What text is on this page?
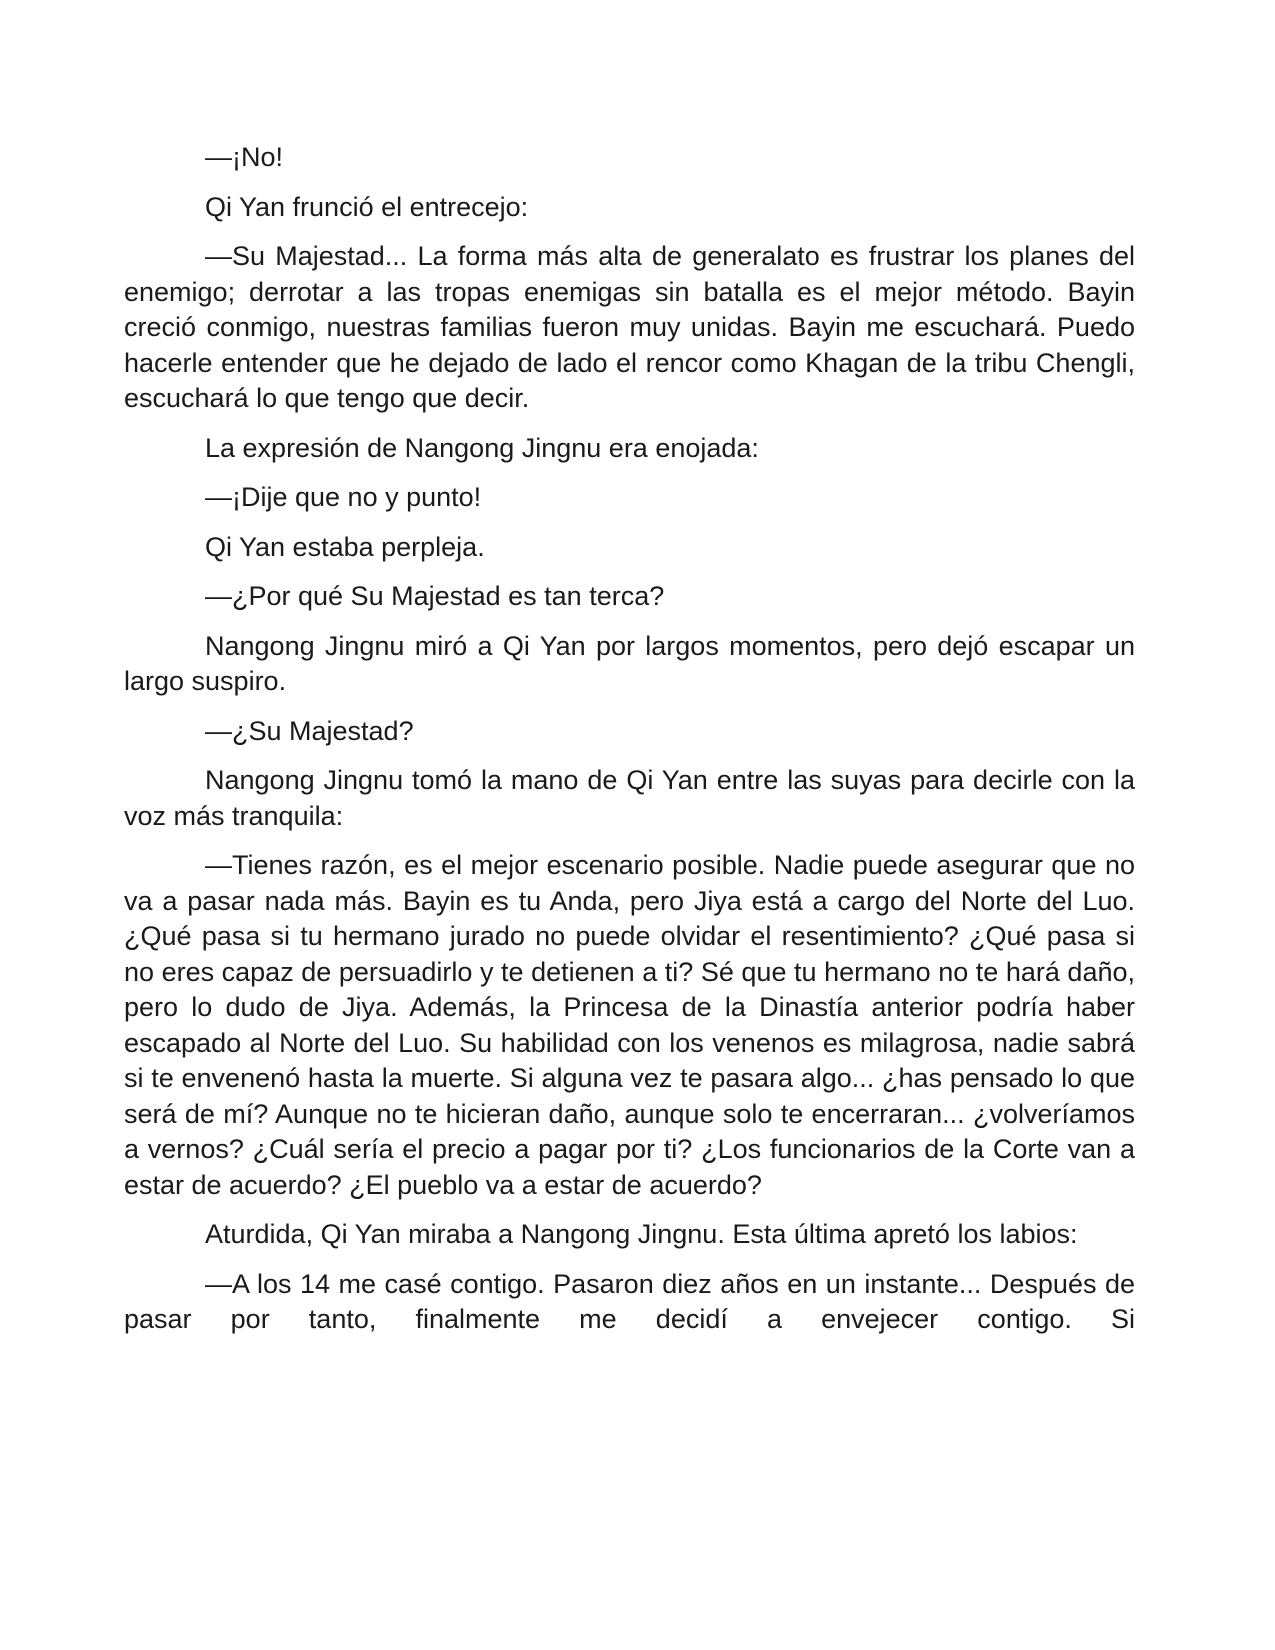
—¡No!

Qi Yan frunció el entrecejo:

—Su Majestad... La forma más alta de generalato es frustrar los planes del enemigo; derrotar a las tropas enemigas sin batalla es el mejor método. Bayin creció conmigo, nuestras familias fueron muy unidas. Bayin me escuchará. Puedo hacerle entender que he dejado de lado el rencor como Khagan de la tribu Chengli, escuchará lo que tengo que decir.

La expresión de Nangong Jingnu era enojada:

—¡Dije que no y punto!

Qi Yan estaba perpleja.

—¿Por qué Su Majestad es tan terca?

Nangong Jingnu miró a Qi Yan por largos momentos, pero dejó escapar un largo suspiro.

—¿Su Majestad?

Nangong Jingnu tomó la mano de Qi Yan entre las suyas para decirle con la voz más tranquila:

—Tienes razón, es el mejor escenario posible. Nadie puede asegurar que no va a pasar nada más. Bayin es tu Anda, pero Jiya está a cargo del Norte del Luo. ¿Qué pasa si tu hermano jurado no puede olvidar el resentimiento? ¿Qué pasa si no eres capaz de persuadirlo y te detienen a ti? Sé que tu hermano no te hará daño, pero lo dudo de Jiya. Además, la Princesa de la Dinastía anterior podría haber escapado al Norte del Luo. Su habilidad con los venenos es milagrosa, nadie sabrá si te envenenó hasta la muerte. Si alguna vez te pasara algo... ¿has pensado lo que será de mí? Aunque no te hicieran daño, aunque solo te encerraran... ¿volveríamos a vernos? ¿Cuál sería el precio a pagar por ti? ¿Los funcionarios de la Corte van a estar de acuerdo? ¿El pueblo va a estar de acuerdo?

Aturdida, Qi Yan miraba a Nangong Jingnu. Esta última apretó los labios:

—A los 14 me casé contigo. Pasaron diez años en un instante... Después de pasar por tanto, finalmente me decidí a envejecer contigo. Si
